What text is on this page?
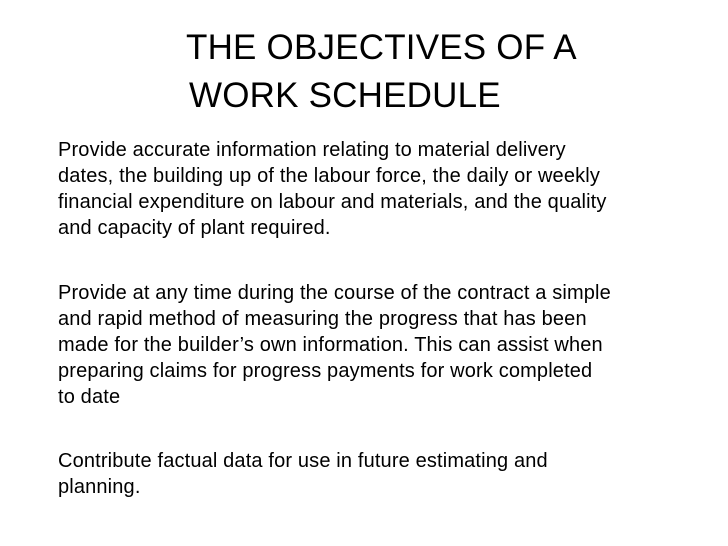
THE OBJECTIVES OF A
WORK SCHEDULE
Provide accurate information relating to material delivery
dates, the building up of the labour force, the daily or weekly
financial expenditure on labour and materials, and the quality
and capacity of plant required.
Provide at any time during the course of the contract a simple
and rapid method of measuring the progress that has been
made for the builder’s own information. This can assist when
preparing claims for progress payments for work completed
to date
Contribute factual data for use in future estimating and
planning.
